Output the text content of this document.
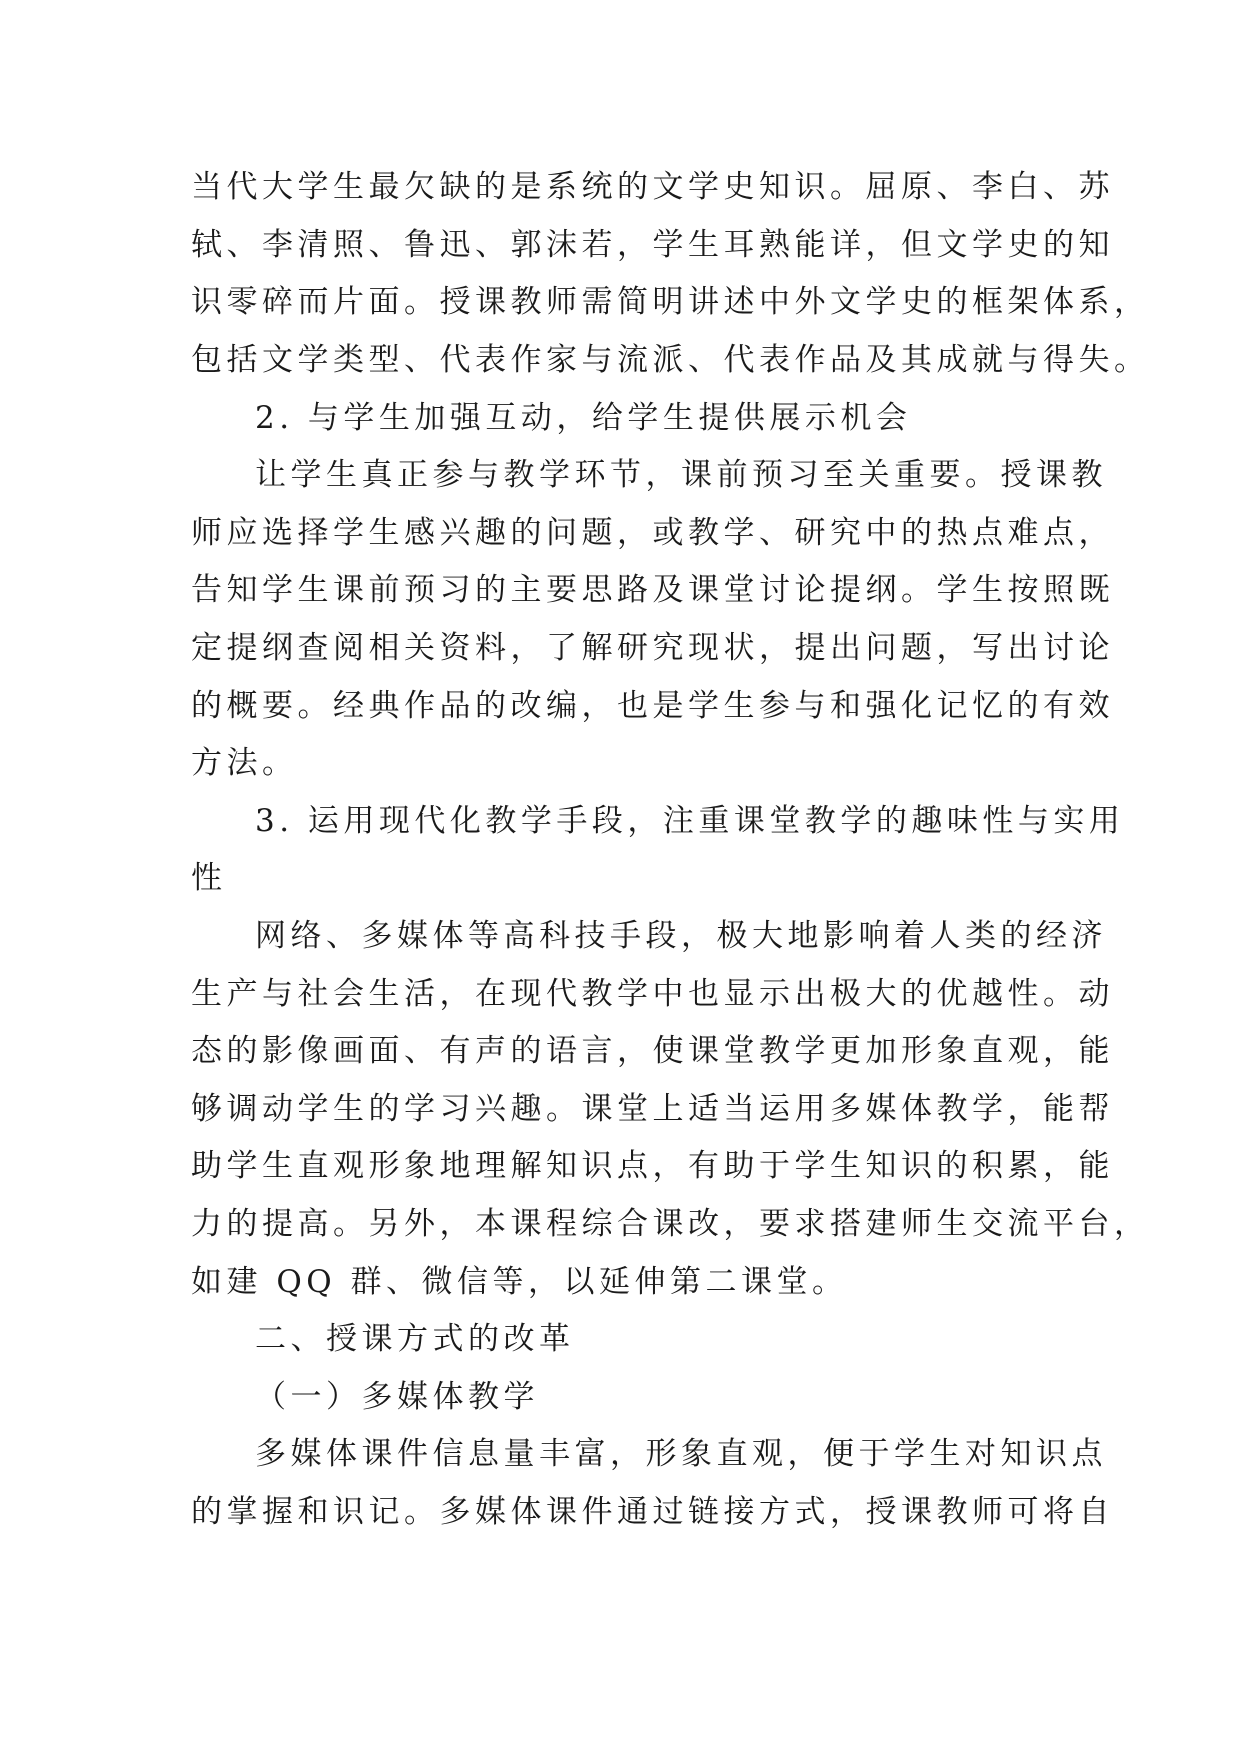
当代大学生最欠缺的是系统的文学史知识。屈原、李白、苏
轼、李清照、鲁迅、郭沫若，学生耳熟能详，但文学史的知
识零碎而片面。授课教师需简明讲述中外文学史的框架体系，
包括文学类型、代表作家与流派、代表作品及其成就与得失。
2. 与学生加强互动，给学生提供展示机会
让学生真正参与教学环节，课前预习至关重要。授课教
师应选择学生感兴趣的问题，或教学、研究中的热点难点，
告知学生课前预习的主要思路及课堂讨论提纲。学生按照既
定提纲查阅相关资料，了解研究现状，提出问题，写出讨论
的概要。经典作品的改编，也是学生参与和强化记忆的有效
方法。
3. 运用现代化教学手段，注重课堂教学的趣味性与实用
性
网络、多媒体等高科技手段，极大地影响着人类的经济
生产与社会生活，在现代教学中也显示出极大的优越性。动
态的影像画面、有声的语言，使课堂教学更加形象直观，能
够调动学生的学习兴趣。课堂上适当运用多媒体教学，能帮
助学生直观形象地理解知识点，有助于学生知识的积累，能
力的提高。另外，本课程综合课改，要求搭建师生交流平台，
如建 QQ 群、微信等，以延伸第二课堂。
二、授课方式的改革
（一）多媒体教学
多媒体课件信息量丰富，形象直观，便于学生对知识点
的掌握和识记。多媒体课件通过链接方式，授课教师可将自
